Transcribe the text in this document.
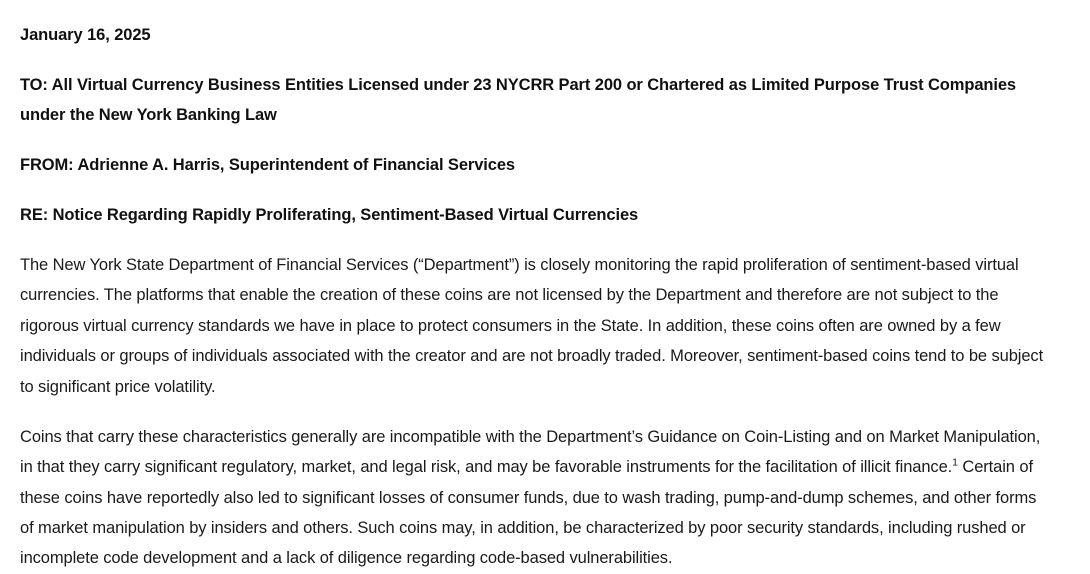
January 16, 2025
TO: All Virtual Currency Business Entities Licensed under 23 NYCRR Part 200 or Chartered as Limited Purpose Trust Companies under the New York Banking Law
FROM: Adrienne A. Harris, Superintendent of Financial Services
RE: Notice Regarding Rapidly Proliferating, Sentiment-Based Virtual Currencies

The New York State Department of Financial Services (“Department”) is closely monitoring the rapid proliferation of sentiment-based virtual currencies. The platforms that enable the creation of these coins are not licensed by the Department and therefore are not subject to the rigorous virtual currency standards we have in place to protect consumers in the State. In addition, these coins often are owned by a few individuals or groups of individuals associated with the creator and are not broadly traded. Moreover, sentiment-based coins tend to be subject to significant price volatility.

Coins that carry these characteristics generally are incompatible with the Department’s Guidance on Coin-Listing and on Market Manipulation, in that they carry significant regulatory, market, and legal risk, and may be favorable instruments for the facilitation of illicit finance.$^1$ Certain of these coins have reportedly also led to significant losses of consumer funds, due to wash trading, pump-and-dump schemes, and other forms of market manipulation by insiders and others. Such coins may, in addition, be characterized by poor security standards, including rushed or incomplete code development and a lack of diligence regarding code-based vulnerabilities.
